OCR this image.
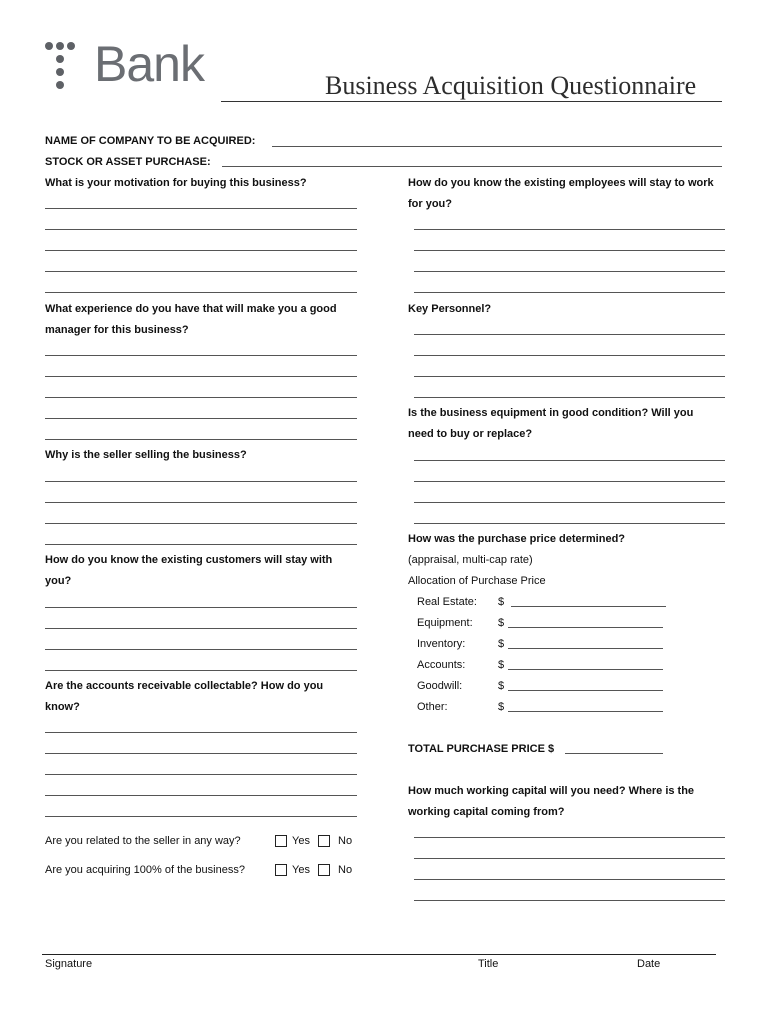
Bank	Business Acquisition Questionnaire
NAME OF COMPANY TO BE ACQUIRED:
STOCK OR ASSET PURCHASE:
What is your motivation for buying this business?
What experience do you have that will make you a good
manager for this business?
Why is the seller selling the business?
How do you know the existing customers will stay with
you?
Are the accounts receivable collectable? How do you
know?
Are you related to the seller in any way?	Yes	No
Are you acquiring 100% of the business?	Yes	No
How do you know the existing employees will stay to work
for you?
Key Personnel?
Is the business equipment in good condition? Will you
need to buy or replace?
How was the purchase price determined?
(appraisal, multi-cap rate)
Allocation of Purchase Price
Real Estate: $
Equipment: $
Inventory:	$
Accounts:	$
Goodwill:	$
Other:	$
TOTAL PURCHASE PRICE $
How much working capital will you need? Where is the
working capital coming from?
Signature	Title	Date
